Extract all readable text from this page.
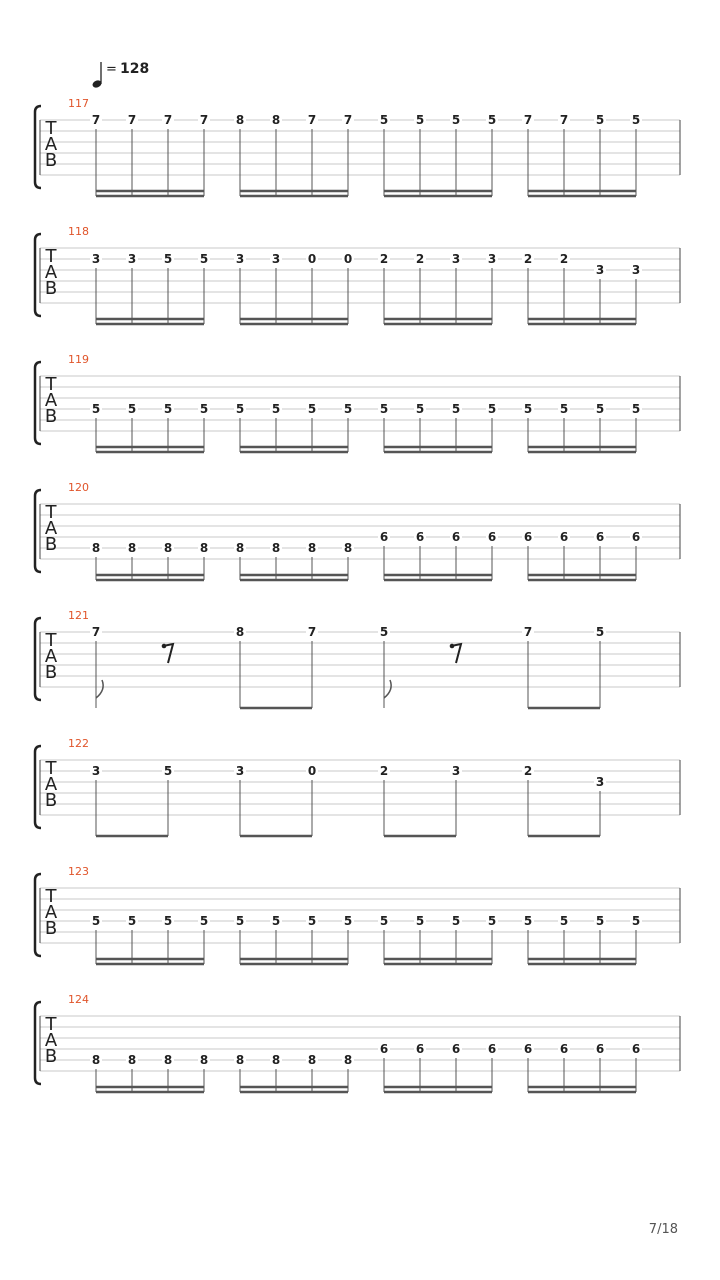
= 128
117
T
A
B
7 7 7 7 8 8 7 7 5 5 5 5 7 7 5 5
118
T
A
B
3 3 5 5 3 3 0 0 2 2 3 3 2 2
3 3
119
T
A
B	5 5 5 5 5 5 5 5 5 5 5 5 5 5 5 5
120
T
A
B	8 8 8 8 8 8 8 8
6 6 6 6 6 6 6 6
121
T
A
B
7	8	7	5	7	5
122
T
A
B
3	5	3	0	2	3	2
3
123
T
A
B	5 5 5 5 5 5 5 5 5 5 5 5 5 5 5 5
124
T
A
B	8 8 8 8 8 8 8 8
6 6 6 6 6 6 6 6
7/18
